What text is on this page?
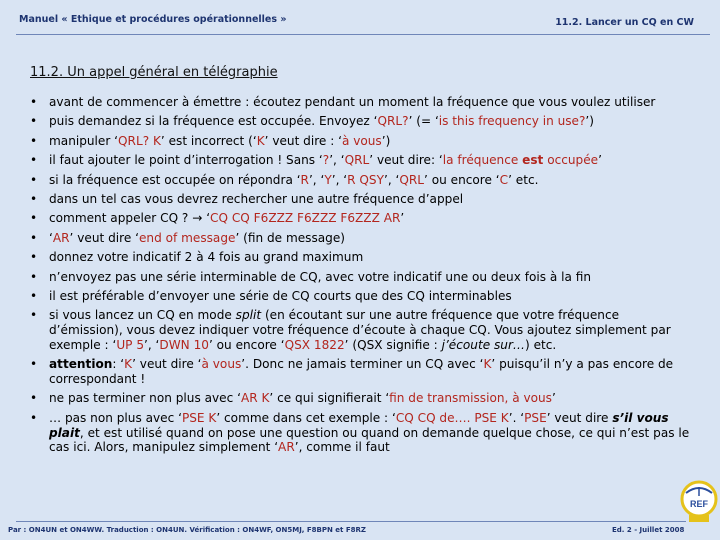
Manuel « Ethique et procédures opérationnelles »	11.2. Lancer un CQ en CW
11.2. Un appel général en télégraphie
• avant de commencer à émettre : écoutez pendant un moment la fréquence que vous voulez utiliser
• puis demandez si la fréquence est occupée. Envoyez ‘QRL?’ (= ‘is this frequency in use?’)
• manipuler ‘QRL? K’ est incorrect (‘K’ veut dire : ‘à vous’)
• il faut ajouter le point d’interrogation ! Sans ‘?’, ‘QRL’ veut dire: ‘la fréquence est occupée’
• si la fréquence est occupée on répondra ‘R’, ‘Y’, ‘R QSY’, ‘QRL’ ou encore ‘C’ etc.
• dans un tel cas vous devrez rechercher une autre fréquence d’appel
• comment appeler CQ ? → ‘CQ CQ F6ZZZ F6ZZZ F6ZZZ AR’
• ‘AR’ veut dire ‘end of message’ (fin de message)
• donnez votre indicatif 2 à 4 fois au grand maximum
• n’envoyez pas une série interminable de CQ, avec votre indicatif une ou deux fois à la fin
• il est préférable d’envoyer une série de CQ courts que des CQ interminables
• si vous lancez un CQ en mode split (en écoutant sur une autre fréquence que votre fréquence d’émission), vous devez indiquer votre fréquence d’écoute à chaque CQ. Vous ajoutez simplement par exemple : ‘UP 5’, ‘DWN 10’ ou encore ‘QSX 1822’ (QSX signifie : j’écoute sur…) etc.
• attention: ‘K’ veut dire ‘à vous’. Donc ne jamais terminer un CQ avec ‘K’ puisqu’il n’y a pas encore de correspondant !
• ne pas terminer non plus avec ‘AR K’ ce qui signifierait ‘fin de transmission, à vous’
• … pas non plus avec ‘PSE K’ comme dans cet exemple : ‘CQ CQ de…. PSE K’. ‘PSE’ veut dire s’il vous plait, et est utilisé quand on pose une question ou quand on demande quelque chose, ce qui n’est pas le cas ici. Alors, manipulez simplement ‘AR’, comme il faut
REF
Par : ON4UN et ON4WW. Traduction : ON4UN. Vérification : ON4WF, ON5MJ, F8BPN et F8RZ	Ed. 2 - Juillet 2008
